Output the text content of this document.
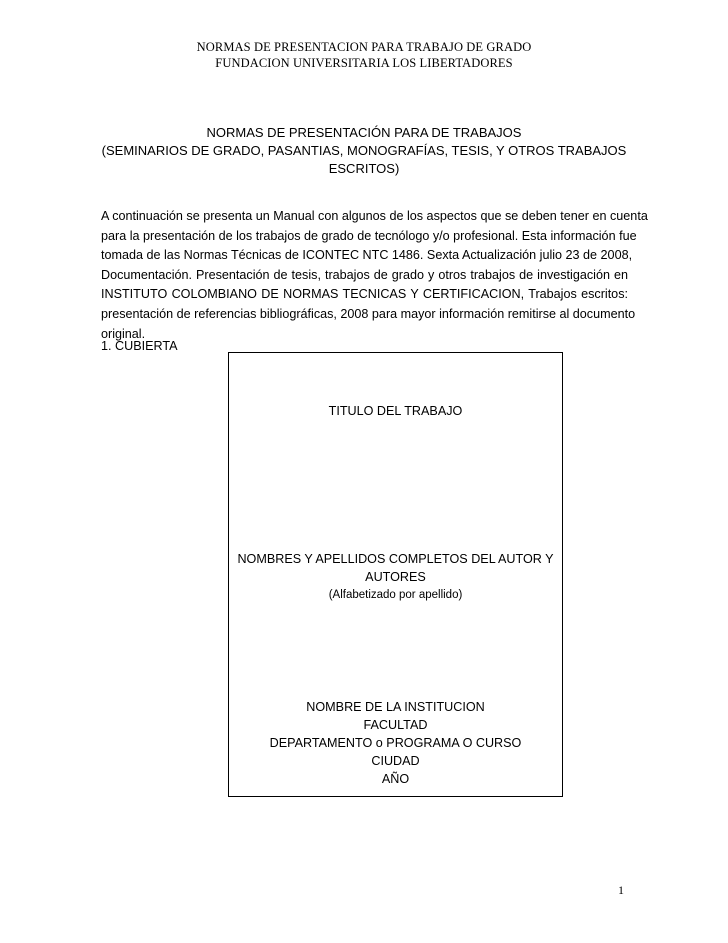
NORMAS DE PRESENTACION PARA TRABAJO DE GRADO
FUNDACION UNIVERSITARIA LOS LIBERTADORES
NORMAS DE PRESENTACIÓN PARA DE TRABAJOS
(SEMINARIOS DE GRADO, PASANTIAS, MONOGRAFÍAS, TESIS, Y OTROS TRABAJOS
ESCRITOS)
A continuación se presenta un Manual con algunos de los aspectos que se deben tener en cuenta
para la presentación de los trabajos de grado de tecnólogo y/o profesional. Esta información fue
tomada de las Normas Técnicas de ICONTEC NTC 1486. Sexta Actualización julio 23 de 2008,
Documentación. Presentación de tesis, trabajos de grado y otros trabajos de investigación en
INSTITUTO COLOMBIANO DE NORMAS TECNICAS Y CERTIFICACION, Trabajos escritos:
presentación de referencias bibliográficas, 2008 para mayor información remitirse al documento
original.
1. CUBIERTA
TITULO DEL TRABAJO
NOMBRES Y APELLIDOS COMPLETOS DEL AUTOR Y
AUTORES
(Alfabetizado por apellido)
NOMBRE DE LA INSTITUCION
FACULTAD
DEPARTAMENTO o PROGRAMA O CURSO
CIUDAD
AÑO
1
